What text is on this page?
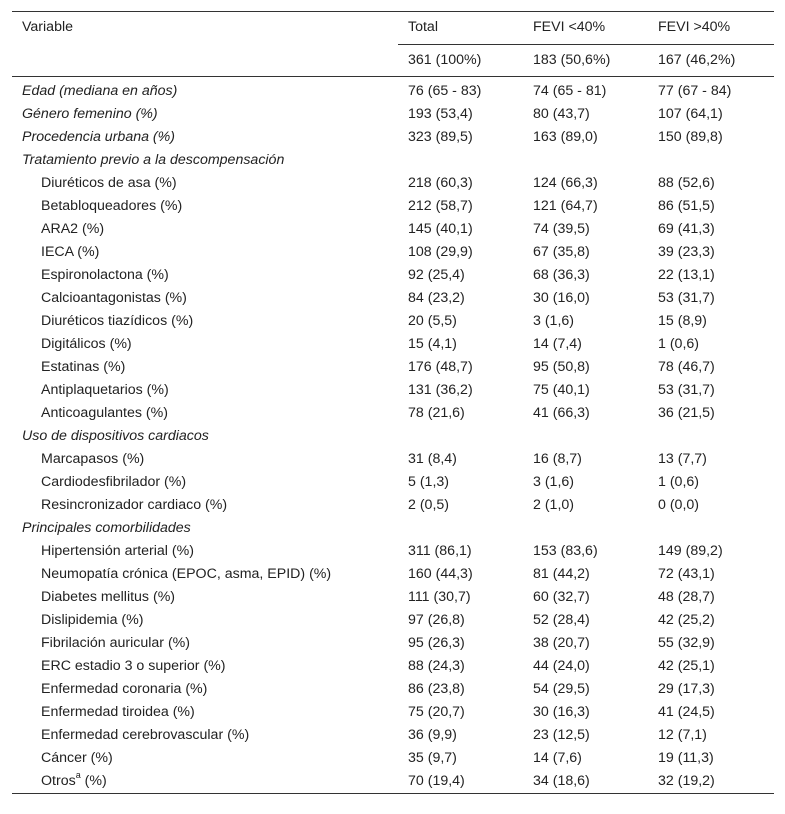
Variable	Total	FEVI <40%	FEVI >40%
	361 (100%)	183 (50,6%)	167 (46,2%)
Edad (mediana en años)	76 (65 - 83)	74 (65 - 81)	77 (67 - 84)
Género femenino (%)	193 (53,4)	80 (43,7)	107 (64,1)
Procedencia urbana (%)	323 (89,5)	163 (89,0)	150 (89,8)
Tratamiento previo a la descompensación			
Diuréticos de asa (%)	218 (60,3)	124 (66,3)	88 (52,6)
Betabloqueadores (%)	212 (58,7)	121 (64,7)	86 (51,5)
ARA2 (%)	145 (40,1)	74 (39,5)	69 (41,3)
IECA (%)	108 (29,9)	67 (35,8)	39 (23,3)
Espironolactona (%)	92 (25,4)	68 (36,3)	22 (13,1)
Calcioantagonistas (%)	84 (23,2)	30 (16,0)	53 (31,7)
Diuréticos tiazídicos (%)	20 (5,5)	3 (1,6)	15 (8,9)
Digitálicos (%)	15 (4,1)	14 (7,4)	1 (0,6)
Estatinas (%)	176 (48,7)	95 (50,8)	78 (46,7)
Antiplaquetarios (%)	131 (36,2)	75 (40,1)	53 (31,7)
Anticoagulantes (%)	78 (21,6)	41 (66,3)	36 (21,5)
Uso de dispositivos cardiacos			
Marcapasos (%)	31 (8,4)	16 (8,7)	13 (7,7)
Cardiodesfibrilador (%)	5 (1,3)	3 (1,6)	1 (0,6)
Resincronizador cardiaco (%)	2 (0,5)	2 (1,0)	0 (0,0)
Principales comorbilidades			
Hipertensión arterial (%)	311 (86,1)	153 (83,6)	149 (89,2)
Neumopatía crónica (EPOC, asma, EPID) (%)	160 (44,3)	81 (44,2)	72 (43,1)
Diabetes mellitus (%)	111 (30,7)	60 (32,7)	48 (28,7)
Dislipidemia (%)	97 (26,8)	52 (28,4)	42 (25,2)
Fibrilación auricular (%)	95 (26,3)	38 (20,7)	55 (32,9)
ERC estadio 3 o superior (%)	88 (24,3)	44 (24,0)	42 (25,1)
Enfermedad coronaria (%)	86 (23,8)	54 (29,5)	29 (17,3)
Enfermedad tiroidea (%)	75 (20,7)	30 (16,3)	41 (24,5)
Enfermedad cerebrovascular (%)	36 (9,9)	23 (12,5)	12 (7,1)
Cáncer (%)	35 (9,7)	14 (7,6)	19 (11,3)
Otros$^a$ (%)	70 (19,4)	34 (18,6)	32 (19,2)
